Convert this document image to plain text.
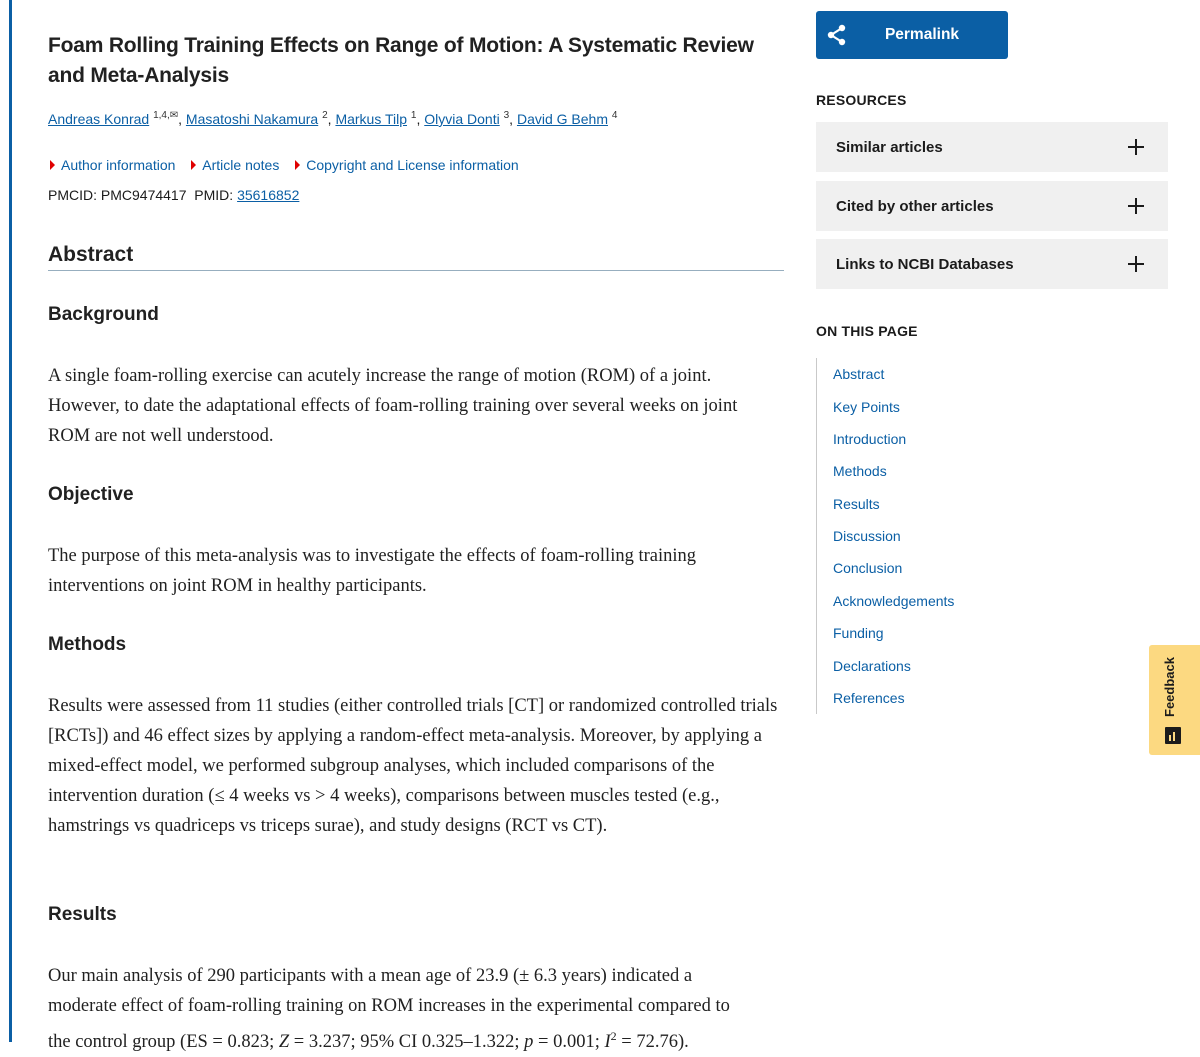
Foam Rolling Training Effects on Range of Motion: A Systematic Review and Meta-Analysis
Andreas Konrad $^{1,4,✉}$, Masatoshi Nakamura $^2$, Markus Tilp $^1$, Olyvia Donti $^3$, David G Behm $^4$
Author information
Article notes
Copyright and License information
PMCID: PMC9474417 PMID: 35616852
Abstract
Background

A single foam-rolling exercise can acutely increase the range of motion (ROM) of a joint. However, to date the adaptational effects of foam-rolling training over several weeks on joint ROM are not well understood.

Objective

The purpose of this meta-analysis was to investigate the effects of foam-rolling training interventions on joint ROM in healthy participants.

Methods

Results were assessed from 11 studies (either controlled trials [CT] or randomized controlled trials [RCTs]) and 46 effect sizes by applying a random-effect meta-analysis. Moreover, by applying a mixed-effect model, we performed subgroup analyses, which included comparisons of the intervention duration (≤ 4 weeks vs > 4 weeks), comparisons between muscles tested (e.g., hamstrings vs quadriceps vs triceps surae), and study designs (RCT vs CT).

Results
Our main analysis of 290 participants with a mean age of 23.9 (± 6.3 years) indicated a
moderate effect of foam-rolling training on ROM increases in the experimental compared to
the control group (ES = 0.823; Z = 3.237; 95% CI 0.325–1.322; p = 0.001; $I^2 = 72.76$).
Permalink
RESOURCES
Similar articles
Cited by other articles
Links to NCBI Databases
ON THIS PAGE
Abstract
Key Points
Introduction
Methods
Results
Discussion
Conclusion
Acknowledgements
Funding
Declarations
References	Feedback
